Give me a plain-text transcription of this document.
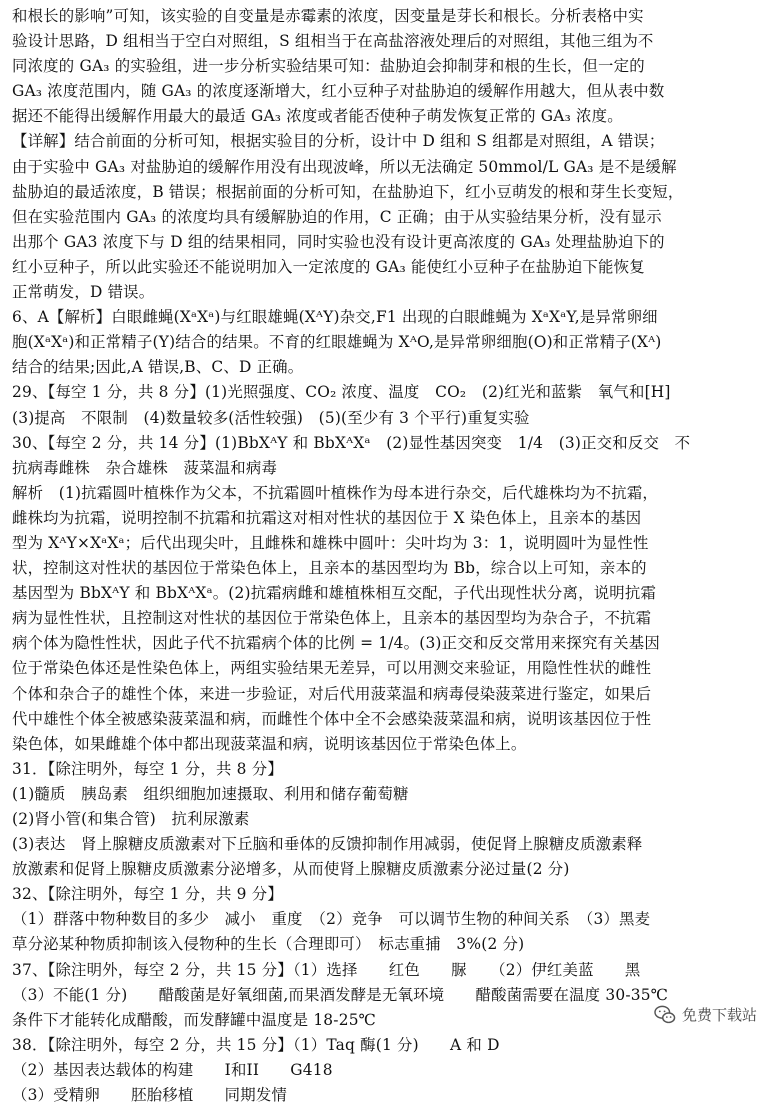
和根长的影响”可知，该实验的自变量是赤霉素的浓度，因变量是芽长和根长。分析表格中实
验设计思路，D 组相当于空白对照组，S 组相当于在高盐溶液处理后的对照组，其他三组为不
同浓度的 GA₃ 的实验组，进一步分析实验结果可知：盐胁迫会抑制芽和根的生长，但一定的
GA₃ 浓度范围内，随 GA₃ 的浓度逐渐增大，红小豆种子对盐胁迫的缓解作用越大，但从表中数
据还不能得出缓解作用最大的最适 GA₃ 浓度或者能否使种子萌发恢复正常的 GA₃ 浓度。
【详解】结合前面的分析可知，根据实验目的分析，设计中 D 组和 S 组都是对照组，A 错误；
由于实验中 GA₃ 对盐胁迫的缓解作用没有出现波峰，所以无法确定 50mmol/L GA₃ 是不是缓解
盐胁迫的最适浓度，B 错误；根据前面的分析可知，在盐胁迫下，红小豆萌发的根和芽生长变短，
但在实验范围内 GA₃ 的浓度均具有缓解胁迫的作用，C 正确；由于从实验结果分析，没有显示
出那个 GA3 浓度下与 D 组的结果相同，同时实验也没有设计更高浓度的 GA₃ 处理盐胁迫下的
红小豆种子，所以此实验还不能说明加入一定浓度的 GA₃ 能使红小豆种子在盐胁迫下能恢复
正常萌发，D 错误。
6、A【解析】白眼雌蝇(XᵃXᵃ)与红眼雄蝇(XᴬY)杂交,F1 出现的白眼雌蝇为 XᵃXᵃY,是异常卵细
胞(XᵃXᵃ)和正常精子(Y)结合的结果。不育的红眼雄蝇为 XᴬO,是异常卵细胞(O)和正常精子(Xᴬ)
结合的结果;因此,A 错误,B、C、D 正确。
29、【每空 1 分，共 8 分】(1)光照强度、CO₂ 浓度、温度　CO₂　(2)红光和蓝紫　氧气和[H]
(3)提高　不限制　(4)数量较多(活性较强)　(5)(至少有 3 个平行)重复实验
30、【每空 2 分，共 14 分】(1)BbXᴬY 和 BbXᴬXᵃ　(2)显性基因突变　1/4　(3)正交和反交　不
抗病毒雌株　杂合雄株　菠菜温和病毒
解析　(1)抗霜圆叶植株作为父本，不抗霜圆叶植株作为母本进行杂交，后代雄株均为不抗霜，
雌株均为抗霜，说明控制不抗霜和抗霜这对相对性状的基因位于 X 染色体上，且亲本的基因
型为 XᴬY×XᵃXᵃ；后代出现尖叶，且雌株和雄株中圆叶：尖叶均为 3：1，说明圆叶为显性性
状，控制这对性状的基因位于常染色体上，且亲本的基因型均为 Bb，综合以上可知，亲本的
基因型为 BbXᴬY 和 BbXᴬXᵃ。(2)抗霜病雌和雄植株相互交配，子代出现性状分离，说明抗霜
病为显性性状，且控制这对性状的基因位于常染色体上，且亲本的基因型均为杂合子，不抗霜
病个体为隐性性状，因此子代不抗霜病个体的比例 = 1/4。(3)正交和反交常用来探究有关基因
位于常染色体还是性染色体上，两组实验结果无差异，可以用测交来验证，用隐性性状的雌性
个体和杂合子的雄性个体，来进一步验证，对后代用菠菜温和病毒侵染菠菜进行鉴定，如果后
代中雄性个体全被感染菠菜温和病，而雌性个体中全不会感染菠菜温和病，说明该基因位于性
染色体，如果雌雄个体中都出现菠菜温和病，说明该基因位于常染色体上。
31．【除注明外，每空 1 分，共 8 分】
(1)髓质　胰岛素　组织细胞加速摄取、利用和储存葡萄糖
(2)肾小管(和集合管)　抗利尿激素
(3)表达　肾上腺糖皮质激素对下丘脑和垂体的反馈抑制作用减弱，使促肾上腺糖皮质激素释
放激素和促肾上腺糖皮质激素分泌增多，从而使肾上腺糖皮质激素分泌过量(2 分)
32、【除注明外，每空 1 分，共 9 分】
（1）群落中物种数目的多少　减小　重度　（2）竞争　可以调节生物的种间关系　（3）黑麦
草分泌某种物质抑制该入侵物种的生长（合理即可）　标志重捕　3%(2 分)
37、【除注明外，每空 2 分，共 15 分】（1）选择　　红色　　脲　　（2）伊红美蓝　　黑
（3）不能(1 分)　　醋酸菌是好氧细菌,而果酒发酵是无氧环境　　醋酸菌需要在温度 30-35℃
条件下才能转化成醋酸，而发酵罐中温度是 18-25℃
38．【除注明外，每空 2 分，共 15 分】（1）Taq 酶(1 分)　　A 和 D
（2）基因表达载体的构建　　I和II　　G418
（3）受精卵　　胚胎移植　　同期发情
免费下载站
